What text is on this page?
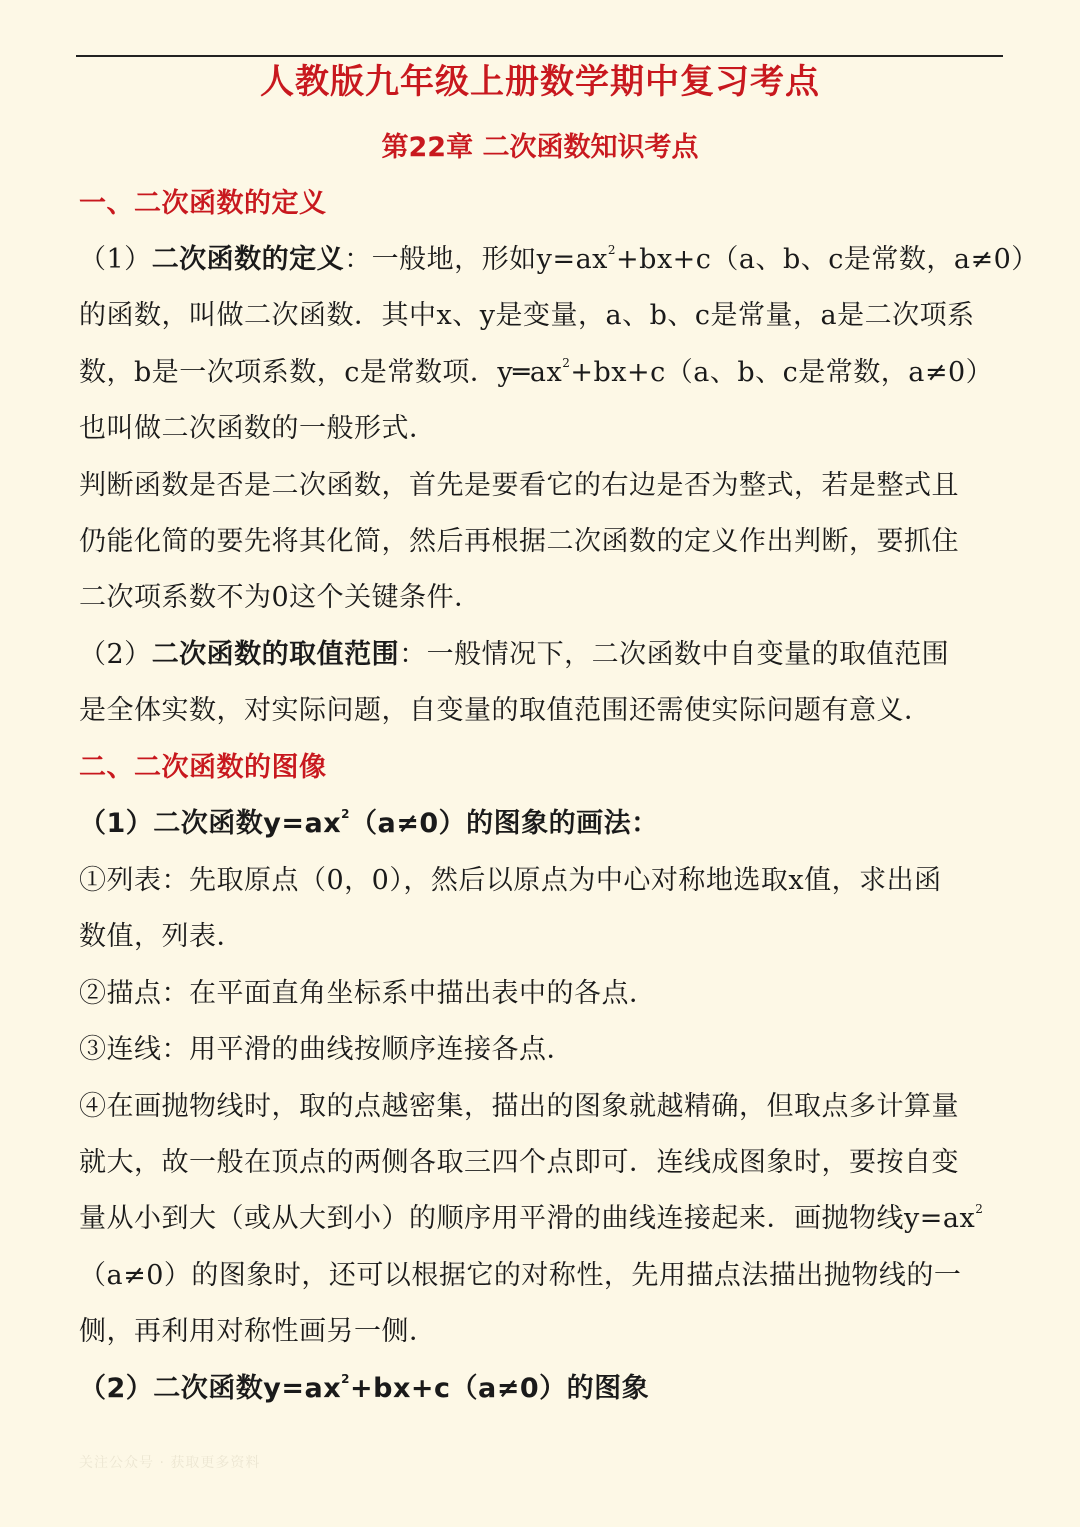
人教版九年级上册数学期中复习考点
第22章 二次函数知识考点
一、二次函数的定义
（1）二次函数的定义：一般地，形如$y=ax^2+bx+c(a$、b、c是常数，a≠0）
的函数，叫做二次函数．其中x、y是变量，a、b、c是常量，a是二次项系
数，b是一次项系数，c是常数项．$y═ax^2+bx+c(a$、b、c是常数，a≠0）
也叫做二次函数的一般形式．
判断函数是否是二次函数，首先是要看它的右边是否为整式，若是整式且
仍能化简的要先将其化简，然后再根据二次函数的定义作出判断，要抓住
二次项系数不为0这个关键条件．
（2）二次函数的取值范围：一般情况下，二次函数中自变量的取值范围
是全体实数，对实际问题，自变量的取值范围还需使实际问题有意义．
二、二次函数的图像
（1）二次函数$y=ax^2(a\ne 0)$的图象的画法：
①列表：先取原点（0，0），然后以原点为中心对称地选取x值，求出函
数值，列表．
②描点：在平面直角坐标系中描出表中的各点．
③连线：用平滑的曲线按顺序连接各点．
④在画抛物线时，取的点越密集，描出的图象就越精确，但取点多计算量
就大，故一般在顶点的两侧各取三四个点即可．连线成图象时，要按自变
量从小到大（或从大到小）的顺序用平滑的曲线连接起来．画抛物线$y=ax^2$
（a≠0）的图象时，还可以根据它的对称性，先用描点法描出抛物线的一
侧，再利用对称性画另一侧．
（2）二次函数$y=ax^2+bx+c(a\ne 0)$的图象
关注公众号 · 获取更多资料
